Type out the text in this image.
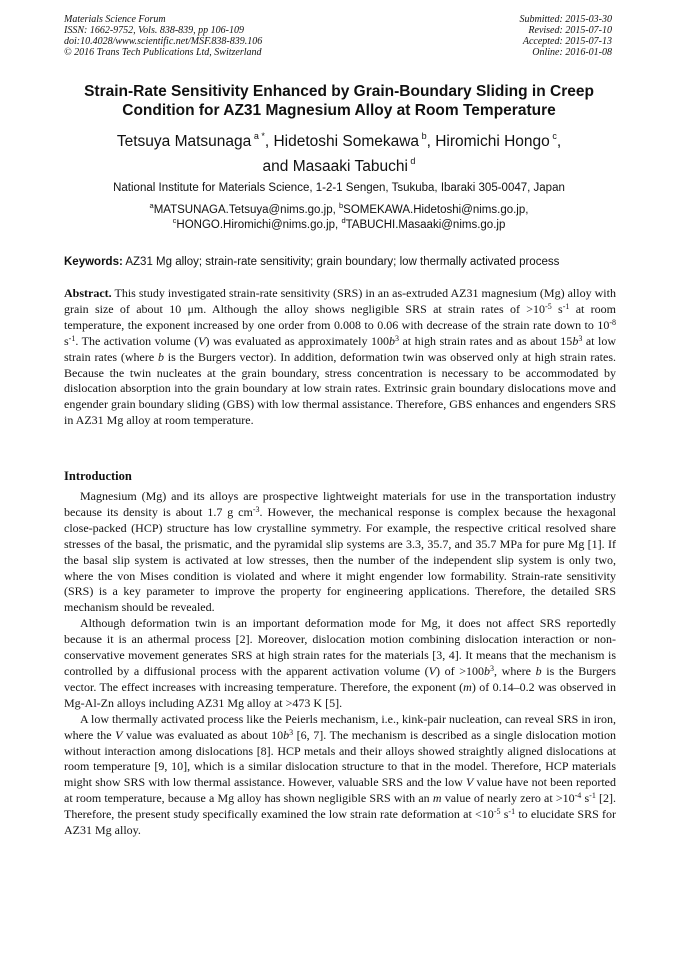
Materials Science Forum
ISSN: 1662-9752, Vols. 838-839, pp 106-109
doi:10.4028/www.scientific.net/MSF.838-839.106
© 2016 Trans Tech Publications Ltd, Switzerland
Submitted: 2015-03-30
Revised: 2015-07-10
Accepted: 2015-07-13
Online: 2016-01-08
Strain-Rate Sensitivity Enhanced by Grain-Boundary Sliding in Creep
Condition for AZ31 Magnesium Alloy at Room Temperature
Tetsuya Matsunaga $^{a *}$, Hidetoshi Somekawa $^b$, Hiromichi Hongo $^c$,
and Masaaki Tabuchi $^d$
National Institute for Materials Science, 1-2-1 Sengen, Tsukuba, Ibaraki 305-0047, Japan
$^a$MATSUNAGA.Tetsuya@nims.go.jp, $^b$SOMEKAWA.Hidetoshi@nims.go.jp,
$^c$HONGO.Hiromichi@nims.go.jp, $^d$TABUCHI.Masaaki@nims.go.jp
Keywords: AZ31 Mg alloy; strain-rate sensitivity; grain boundary; low thermally activated process
Abstract. This study investigated strain-rate sensitivity (SRS) in an as-extruded AZ31 magnesium (Mg) alloy with grain size of about 10 μm. Although the alloy shows negligible SRS at strain rates of $>10^{-5}$ $s^{-1}$ at room temperature, the exponent increased by one order from 0.008 to 0.06 with decrease of the strain rate down to $10^{-8}$ $s^{-1}$. The activation volume (V) was evaluated as approximately $100b^3$ at high strain rates and as about $15b^3$ at low strain rates (where b is the Burgers vector). In addition, deformation twin was observed only at high strain rates. Because the twin nucleates at the grain boundary, stress concentration is necessary to be accommodated by dislocation absorption into the grain boundary at low strain rates. Extrinsic grain boundary dislocations move and engender grain boundary sliding (GBS) with low thermal assistance. Therefore, GBS enhances and engenders SRS in AZ31 Mg alloy at room temperature.
Introduction

Magnesium (Mg) and its alloys are prospective lightweight materials for use in the transportation industry because its density is about 1.7 g $cm^{-3}$. However, the mechanical response is complex because the hexagonal close-packed (HCP) structure has low crystalline symmetry. For example, the respective critical resolved share stresses of the basal, the prismatic, and the pyramidal slip systems are 3.3, 35.7, and 35.7 MPa for pure Mg [1]. If the basal slip system is activated at low stresses, then the number of the independent slip system is only two, where the von Mises condition is violated and where it might engender low formability. Strain-rate sensitivity (SRS) is a key parameter to improve the property for engineering applications. Therefore, the detailed SRS mechanism should be revealed.

Although deformation twin is an important deformation mode for Mg, it does not affect SRS reportedly because it is an athermal process [2]. Moreover, dislocation motion combining dislocation interaction or non-conservative movement generates SRS at high strain rates for the materials [3, 4]. It means that the mechanism is controlled by a diffusional process with the apparent activation volume (V) of $>100b^3$, where b is the Burgers vector. The effect increases with increasing temperature. Therefore, the exponent (m) of 0.14–0.2 was observed in Mg-Al-Zn alloys including AZ31 Mg alloy at >473 K [5].

A low thermally activated process like the Peierls mechanism, i.e., kink-pair nucleation, can reveal SRS in iron, where the V value was evaluated as about $10b^3$ [6, 7]. The mechanism is described as a single dislocation motion without interaction among dislocations [8]. HCP metals and their alloys showed straightly aligned dislocations at room temperature [9, 10], which is a similar dislocation structure to that in the model. Therefore, HCP materials might show SRS with low thermal assistance. However, valuable SRS and the low V value have not been reported at room temperature, because a Mg alloy has shown negligible SRS with an m value of nearly zero at $>10^{-4}$ $s^{-1}$ [2]. Therefore, the present study specifically examined the low strain rate deformation at $<10^{-5}$ $s^{-1}$ to elucidate SRS for AZ31 Mg alloy.
